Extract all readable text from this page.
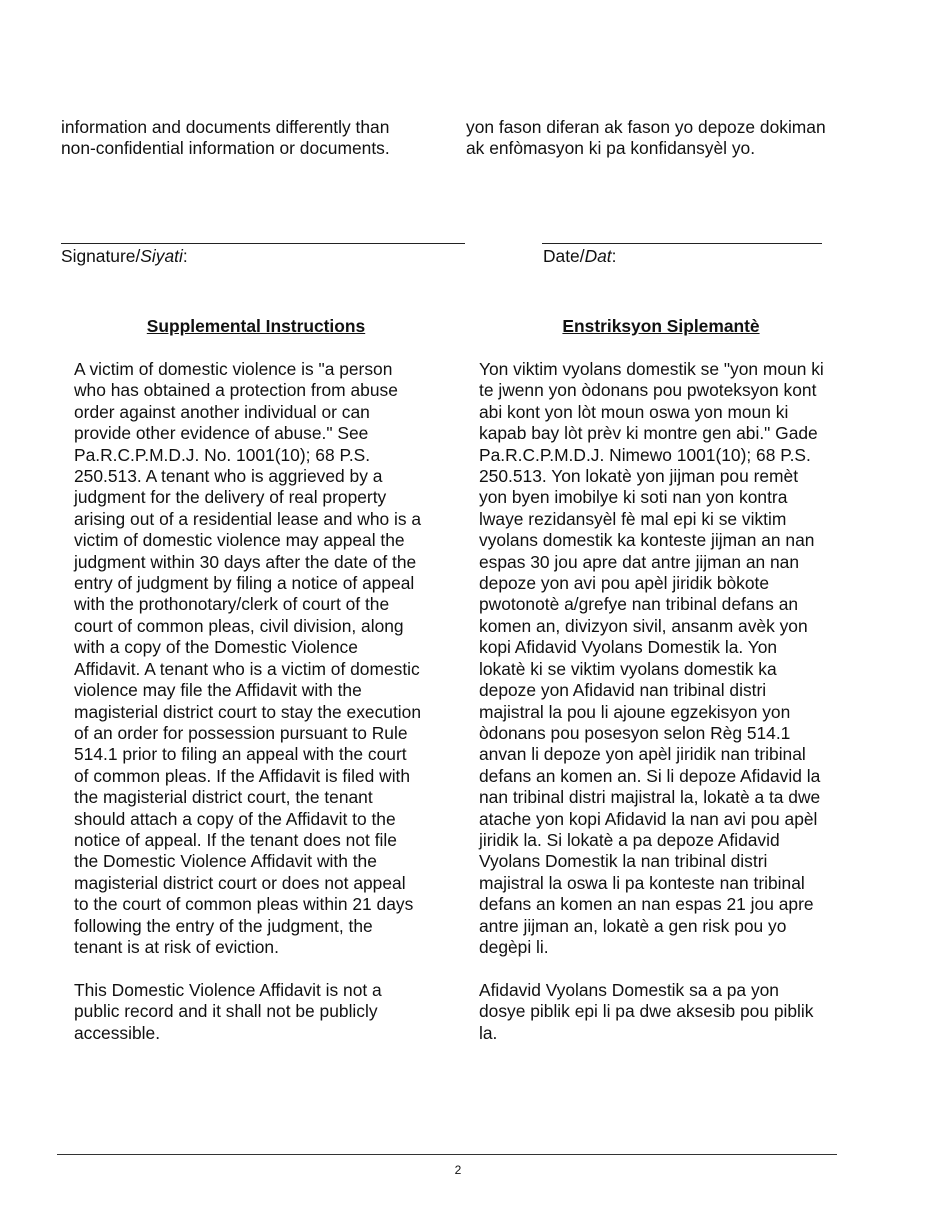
information and documents differently than
non-confidential information or documents.

yon fason diferan ak fason yo depoze dokiman
ak enfòmasyon ki pa konfidansyèl yo.

Signature/Siyati:	Date/Dat:
Supplemental Instructions	Enstriksyon Siplemantè

A victim of domestic violence is "a person
who has obtained a protection from abuse
order against another individual or can
provide other evidence of abuse." See
Pa.R.C.P.M.D.J. No. 1001(10); 68 P.S.
250.513. A tenant who is aggrieved by a
judgment for the delivery of real property
arising out of a residential lease and who is a
victim of domestic violence may appeal the
judgment within 30 days after the date of the
entry of judgment by filing a notice of appeal
with the prothonotary/clerk of court of the
court of common pleas, civil division, along
with a copy of the Domestic Violence
Affidavit. A tenant who is a victim of domestic
violence may file the Affidavit with the
magisterial district court to stay the execution
of an order for possession pursuant to Rule
514.1 prior to filing an appeal with the court
of common pleas. If the Affidavit is filed with
the magisterial district court, the tenant
should attach a copy of the Affidavit to the
notice of appeal. If the tenant does not file
the Domestic Violence Affidavit with the
magisterial district court or does not appeal
to the court of common pleas within 21 days
following the entry of the judgment, the
tenant is at risk of eviction.

This Domestic Violence Affidavit is not a
public record and it shall not be publicly
accessible.

Yon viktim vyolans domestik se "yon moun ki
te jwenn yon òdonans pou pwoteksyon kont
abi kont yon lòt moun oswa yon moun ki
kapab bay lòt prèv ki montre gen abi." Gade
Pa.R.C.P.M.D.J. Nimewo 1001(10); 68 P.S.
250.513. Yon lokatè yon jijman pou remèt
yon byen imobilye ki soti nan yon kontra
lwaye rezidansyèl fè mal epi ki se viktim
vyolans domestik ka konteste jijman an nan
espas 30 jou apre dat antre jijman an nan
depoze yon avi pou apèl jiridik bòkote
pwotonotè a/grefye nan tribinal defans an
komen an, divizyon sivil, ansanm avèk yon
kopi Afidavid Vyolans Domestik la. Yon
lokatè ki se viktim vyolans domestik ka
depoze yon Afidavid nan tribinal distri
majistral la pou li ajoune egzekisyon yon
òdonans pou posesyon selon Règ 514.1
anvan li depoze yon apèl jiridik nan tribinal
defans an komen an. Si li depoze Afidavid la
nan tribinal distri majistral la, lokatè a ta dwe
atache yon kopi Afidavid la nan avi pou apèl
jiridik la. Si lokatè a pa depoze Afidavid
Vyolans Domestik la nan tribinal distri
majistral la oswa li pa konteste nan tribinal
defans an komen an nan espas 21 jou apre
antre jijman an, lokatè a gen risk pou yo
degèpi li.

Afidavid Vyolans Domestik sa a pa yon
dosye piblik epi li pa dwe aksesib pou piblik
la.

2
